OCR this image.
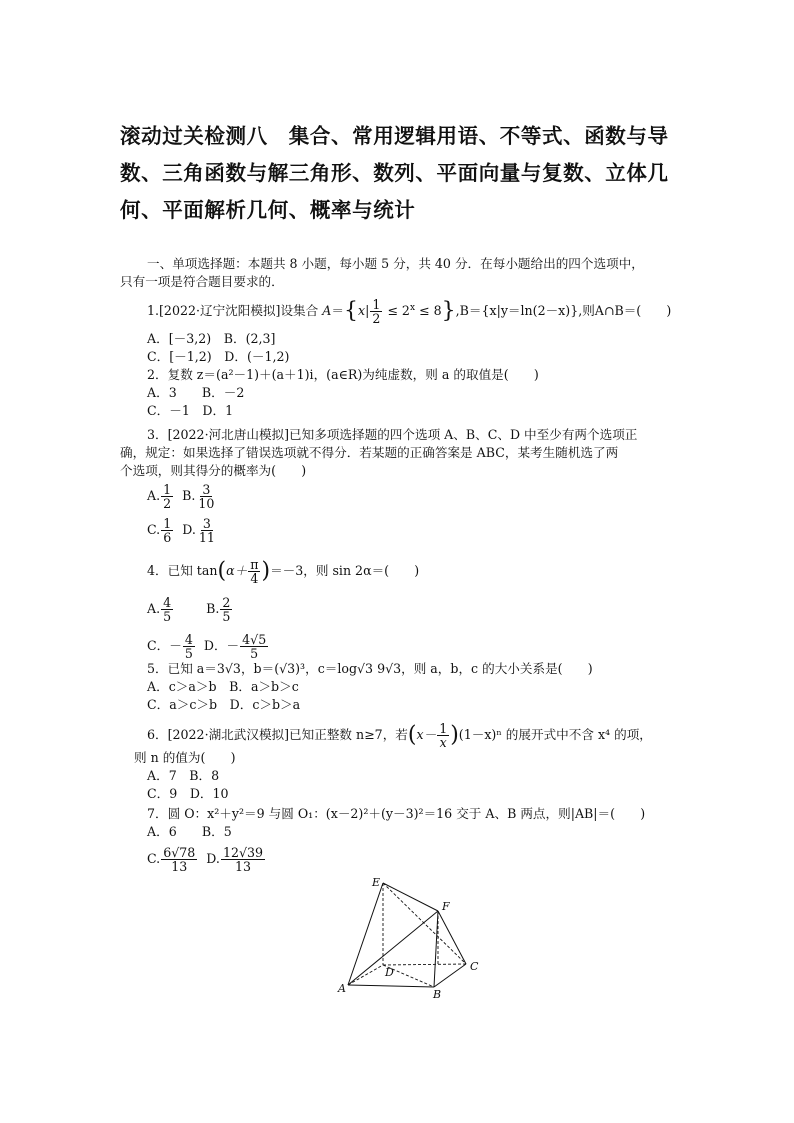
滚动过关检测八　集合、常用逻辑用语、不等式、函数与导
数、三角函数与解三角形、数列、平面向量与复数、立体几
何、平面解析几何、概率与统计
一、单项选择题：本题共 8 小题，每小题 5 分，共 40 分．在每小题给出的四个选项中，
只有一项是符合题目要求的．
1.[2022·辽宁沈阳模拟]设集合 $A=\{x| \frac{1}{2} \le 2^x \le 8\},B=\{x|y=\ln(2-x)\}$,则A∩B＝(　　)
A．[－3,2)　B．(2,3]
C．[－1,2)　D．(－1,2)
2．复数 z＝(a²－1)＋(a＋1)i，(a∈R)为纯虚数，则 a 的取值是(　　)
A．3　　B．－2
C．－1　D．1
3．[2022·河北唐山模拟]已知多项选择题的四个选项 A、B、C、D 中至少有两个选项正
确，规定：如果选择了错误选项就不得分．若某题的正确答案是 ABC，某考生随机选了两
个选项，则其得分的概率为(　　)
A. $\frac{1}{2} B$. $\frac{3}{10}$
C. $\frac{1}{6} D$. $\frac{3}{11}$
4．已知 $\tan(\alpha+ \frac{\pi}{4} )=-3$，则 sin 2α＝(　　)
A. $\frac{4}{5}$	B. $\frac{2}{5}$
C．－ $\frac{4}{5}$ D．－ $\frac{4√5}{5}$
5．已知 a＝3√3，b＝(√3)³，c＝log√3 9√3，则 a，b，c 的大小关系是(　　)
A．c＞a＞b　B．a＞b＞c
C．a＞c＞b　D．c＞b＞a
6．[2022·湖北武汉模拟]已知正整数 n≥7，若$(x- \frac{1}{x} )(1-x)^n$ 的展开式中不含 x⁴ 的项，
则 n 的值为(　　)
A．7　B．8
C．9　D．10
7．圆 O：x²＋y²＝9 与圆 O₁：(x－2)²＋(y－3)²＝16 交于 A、B 两点，则|AB|＝(　　)
A．6　　B．5
C. $\frac{6√78}{13} D$. $\frac{12√39}{13}$
E
F
D	C
A	B
